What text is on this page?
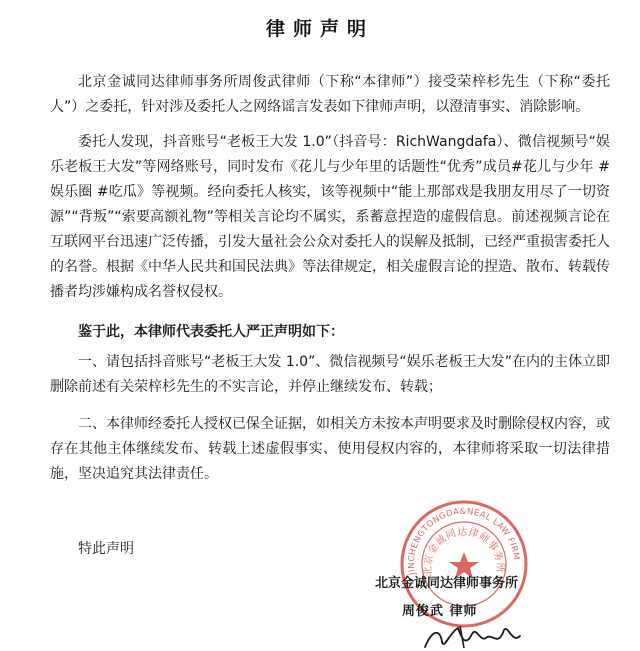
律师声明

北京金诚同达律师事务所周俊武律师（下称“本律师”）接受荣梓杉先生（下称“委托人”）之委托，针对涉及委托人之网络谣言发表如下律师声明，以澄清事实、消除影响。

委托人发现，抖音账号“老板王大发 1.0”（抖音号：RichWangdafa）、微信视频号“娱乐老板王大发”等网络账号，同时发布《花儿与少年里的话题性“优秀”成员#花儿与少年 #娱乐圈 #吃瓜》等视频。经向委托人核实，该等视频中“能上那部戏是我朋友用尽了一切资源”“背叛”“索要高额礼物”等相关言论均不属实，系蓄意捏造的虚假信息。前述视频言论在互联网平台迅速广泛传播，引发大量社会公众对委托人的误解及抵制，已经严重损害委托人的名誉。根据《中华人民共和国民法典》等法律规定，相关虚假言论的捏造、散布、转载传播者均涉嫌构成名誉权侵权。

鉴于此，本律师代表委托人严正声明如下：

一、请包括抖音账号“老板王大发 1.0”、微信视频号“娱乐老板王大发”在内的主体立即删除前述有关荣梓杉先生的不实言论，并停止继续发布、转载；

二、本律师经委托人授权已保全证据，如相关方未按本声明要求及时删除侵权内容，或存在其他主体继续发布、转载上述虚假事实、使用侵权内容的，本律师将采取一切法律措施，坚决追究其法律责任。

特此声明
JINCHENGTONGDA&NEAL LAW FIRM
北京金诚同达律师事务所
北京金诚同达律师事务所
周俊武 律师
